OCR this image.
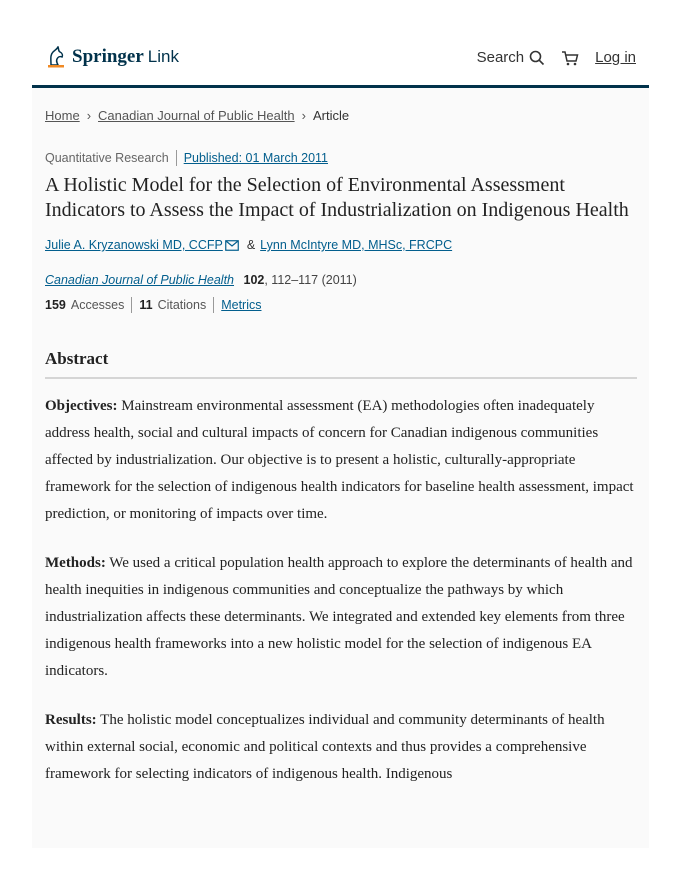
Springer Link	Search	Log in
Home › Canadian Journal of Public Health › Article
Quantitative Research Published: 01 March 2011
A Holistic Model for the Selection of Environmental Assessment Indicators to Assess the Impact of Industrialization on Indigenous Health
Julie A. Kryzanowski MD, CCFP & Lynn McIntyre MD, MHSc, FRCPC
Canadian Journal of Public Health 102, 112–117 (2011)
159 Accesses 11 Citations Metrics
Abstract

Objectives: Mainstream environmental assessment (EA) methodologies often inadequately address health, social and cultural impacts of concern for Canadian indigenous communities affected by industrialization. Our objective is to present a holistic, culturally-appropriate framework for the selection of indigenous health indicators for baseline health assessment, impact prediction, or monitoring of impacts over time.

Methods: We used a critical population health approach to explore the determinants of health and health inequities in indigenous communities and conceptualize the pathways by which industrialization affects these determinants. We integrated and extended key elements from three indigenous health frameworks into a new holistic model for the selection of indigenous EA indicators.

Results: The holistic model conceptualizes individual and community determinants of health within external social, economic and political contexts and thus provides a comprehensive framework for selecting indicators of indigenous health. Indigenous
